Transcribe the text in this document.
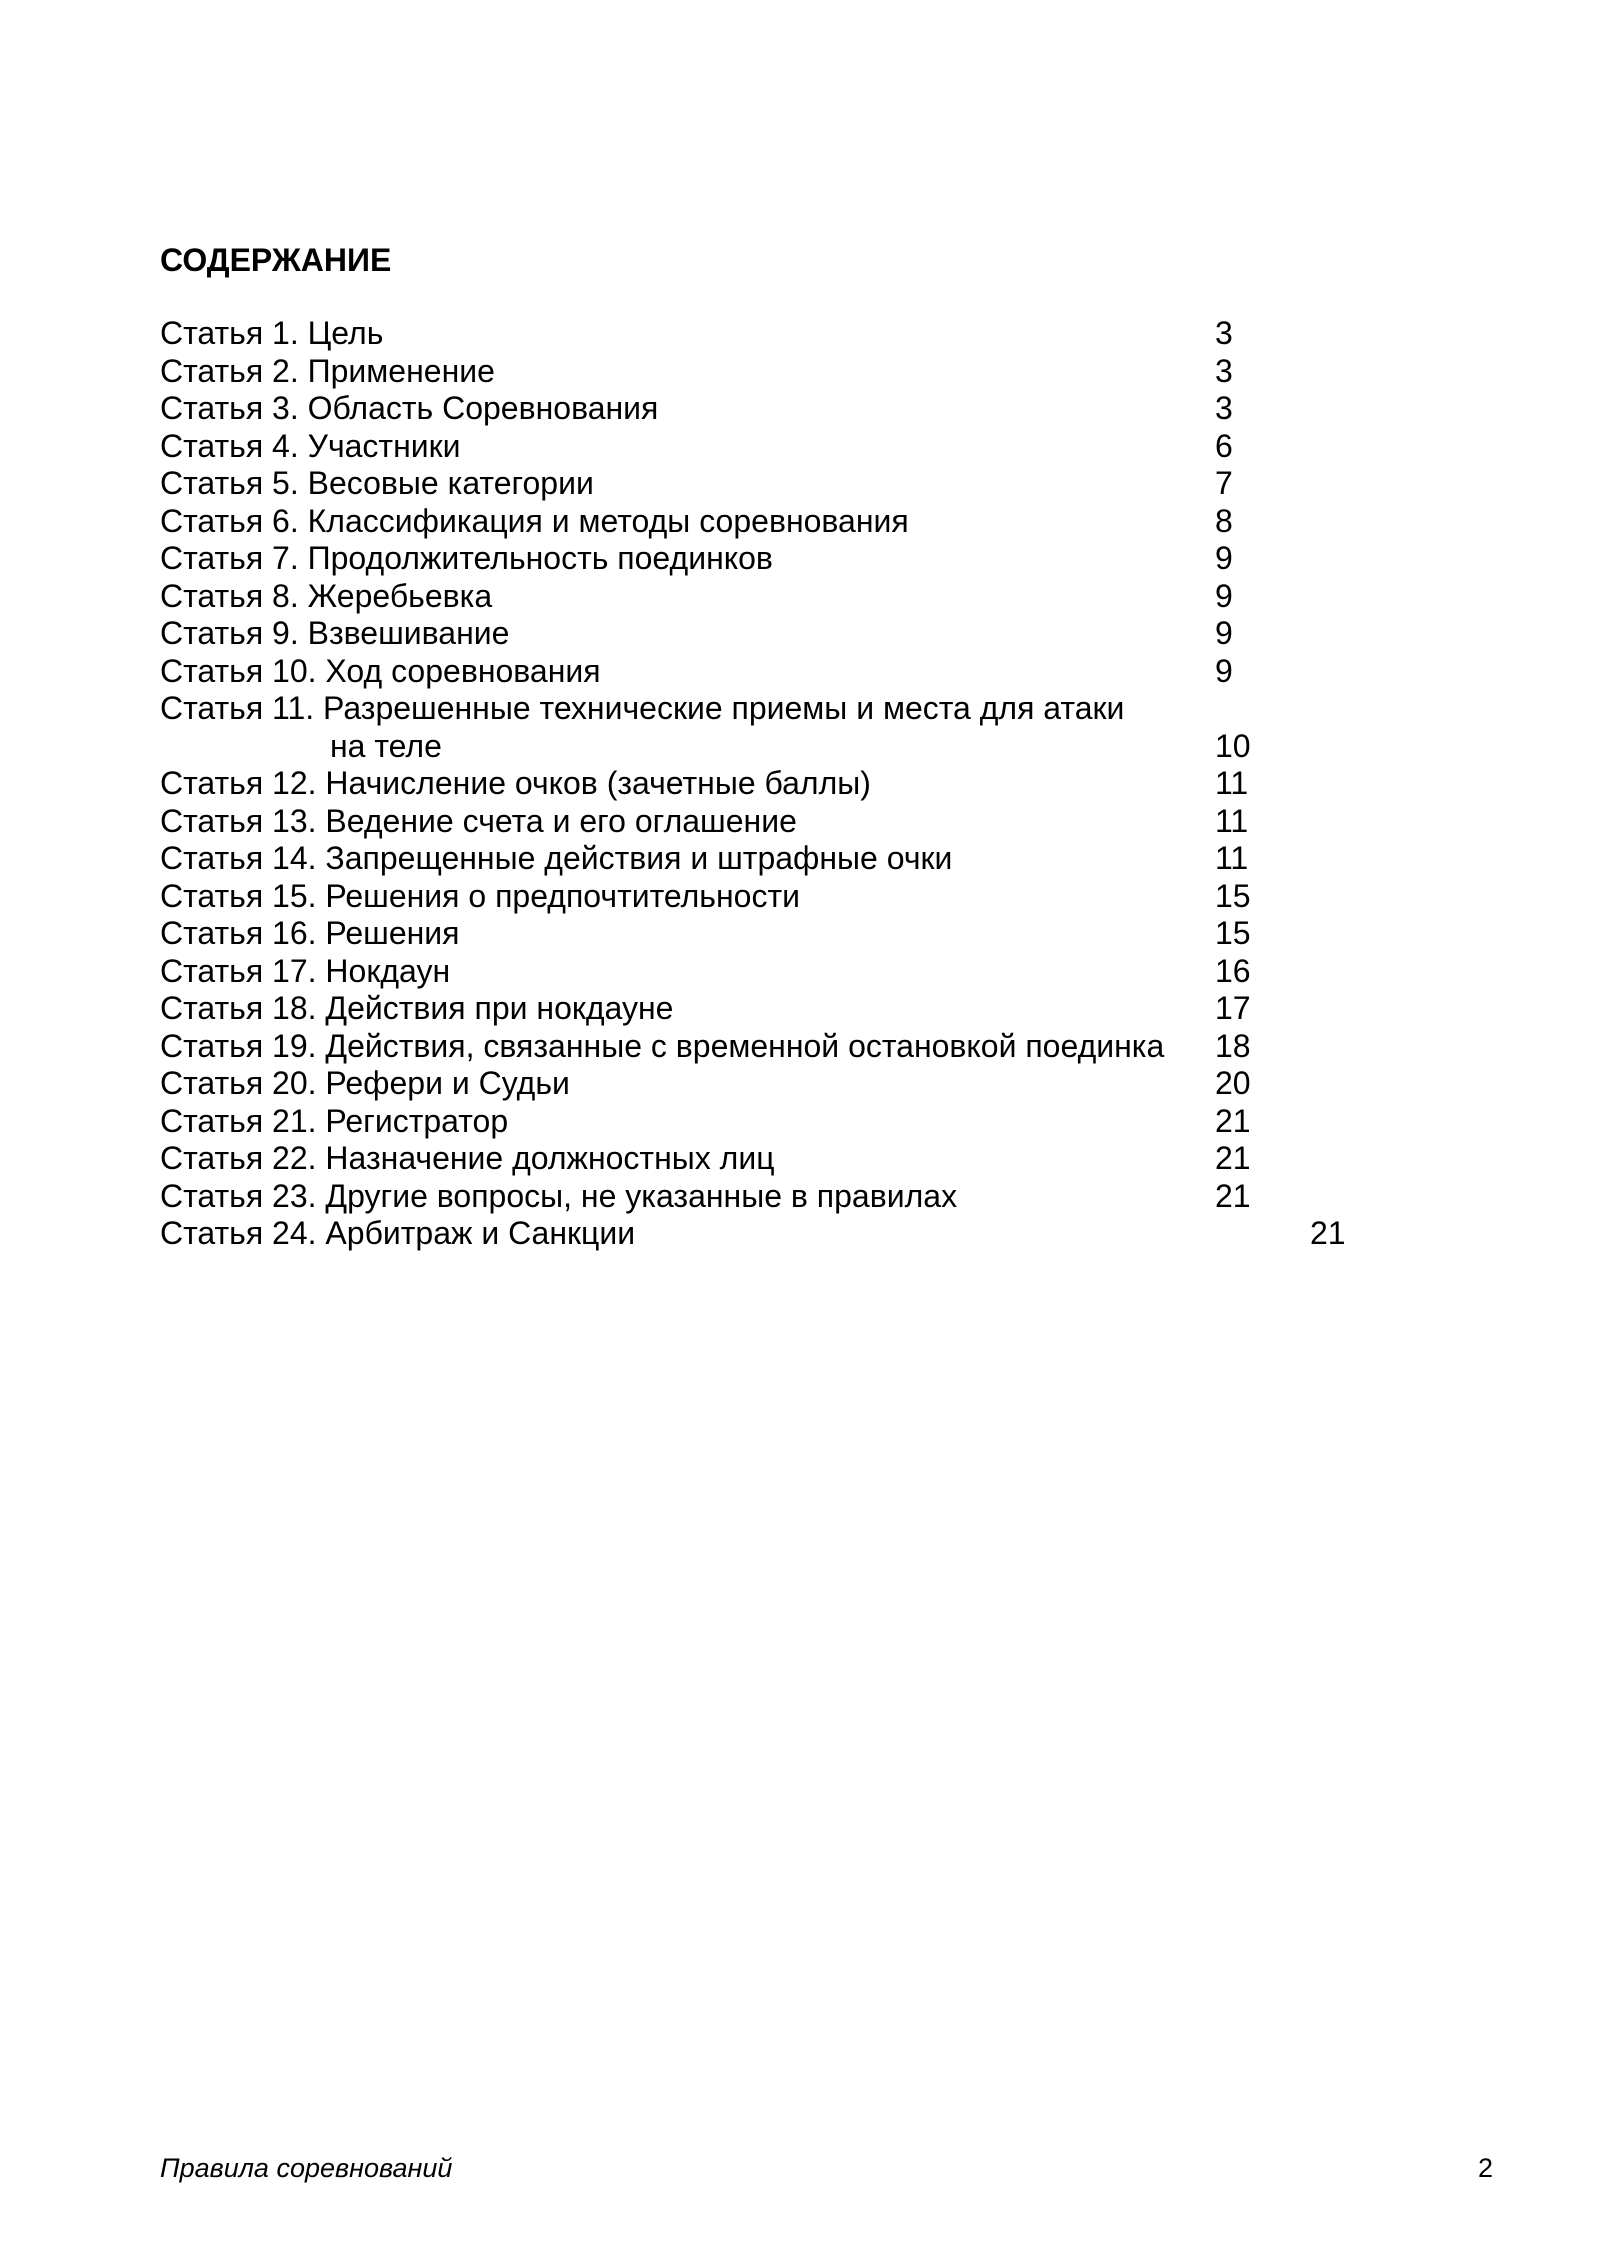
СОДЕРЖАНИЕ
Статья 1. Цель	3
Статья 2. Применение	3
Статья 3. Область Соревнования	3
Статья 4. Участники	6
Статья 5. Весовые категории	7
Статья 6. Классификация и методы соревнования	8
Статья 7. Продолжительность поединков	9
Статья 8. Жеребьевка	9
Статья 9. Взвешивание	9
Статья 10. Ход соревнования	9
Статья 11. Разрешенные технические приемы и места для атаки
на теле	10
Статья 12. Начисление очков (зачетные баллы)	11
Статья 13. Ведение счета и его оглашение	11
Статья 14. Запрещенные действия и штрафные очки	11
Статья 15. Решения о предпочтительности	15
Статья 16. Решения	15
Статья 17. Нокдаун	16
Статья 18. Действия при нокдауне	17
Статья 19. Действия, связанные с временной остановкой поединка 18
Статья 20. Рефери и Судьи	20
Статья 21. Регистратор	21
Статья 22. Назначение должностных лиц	21
Статья 23. Другие вопросы, не указанные в правилах	21
Статья 24. Арбитраж и Санкции	21
Правила соревнований	2
